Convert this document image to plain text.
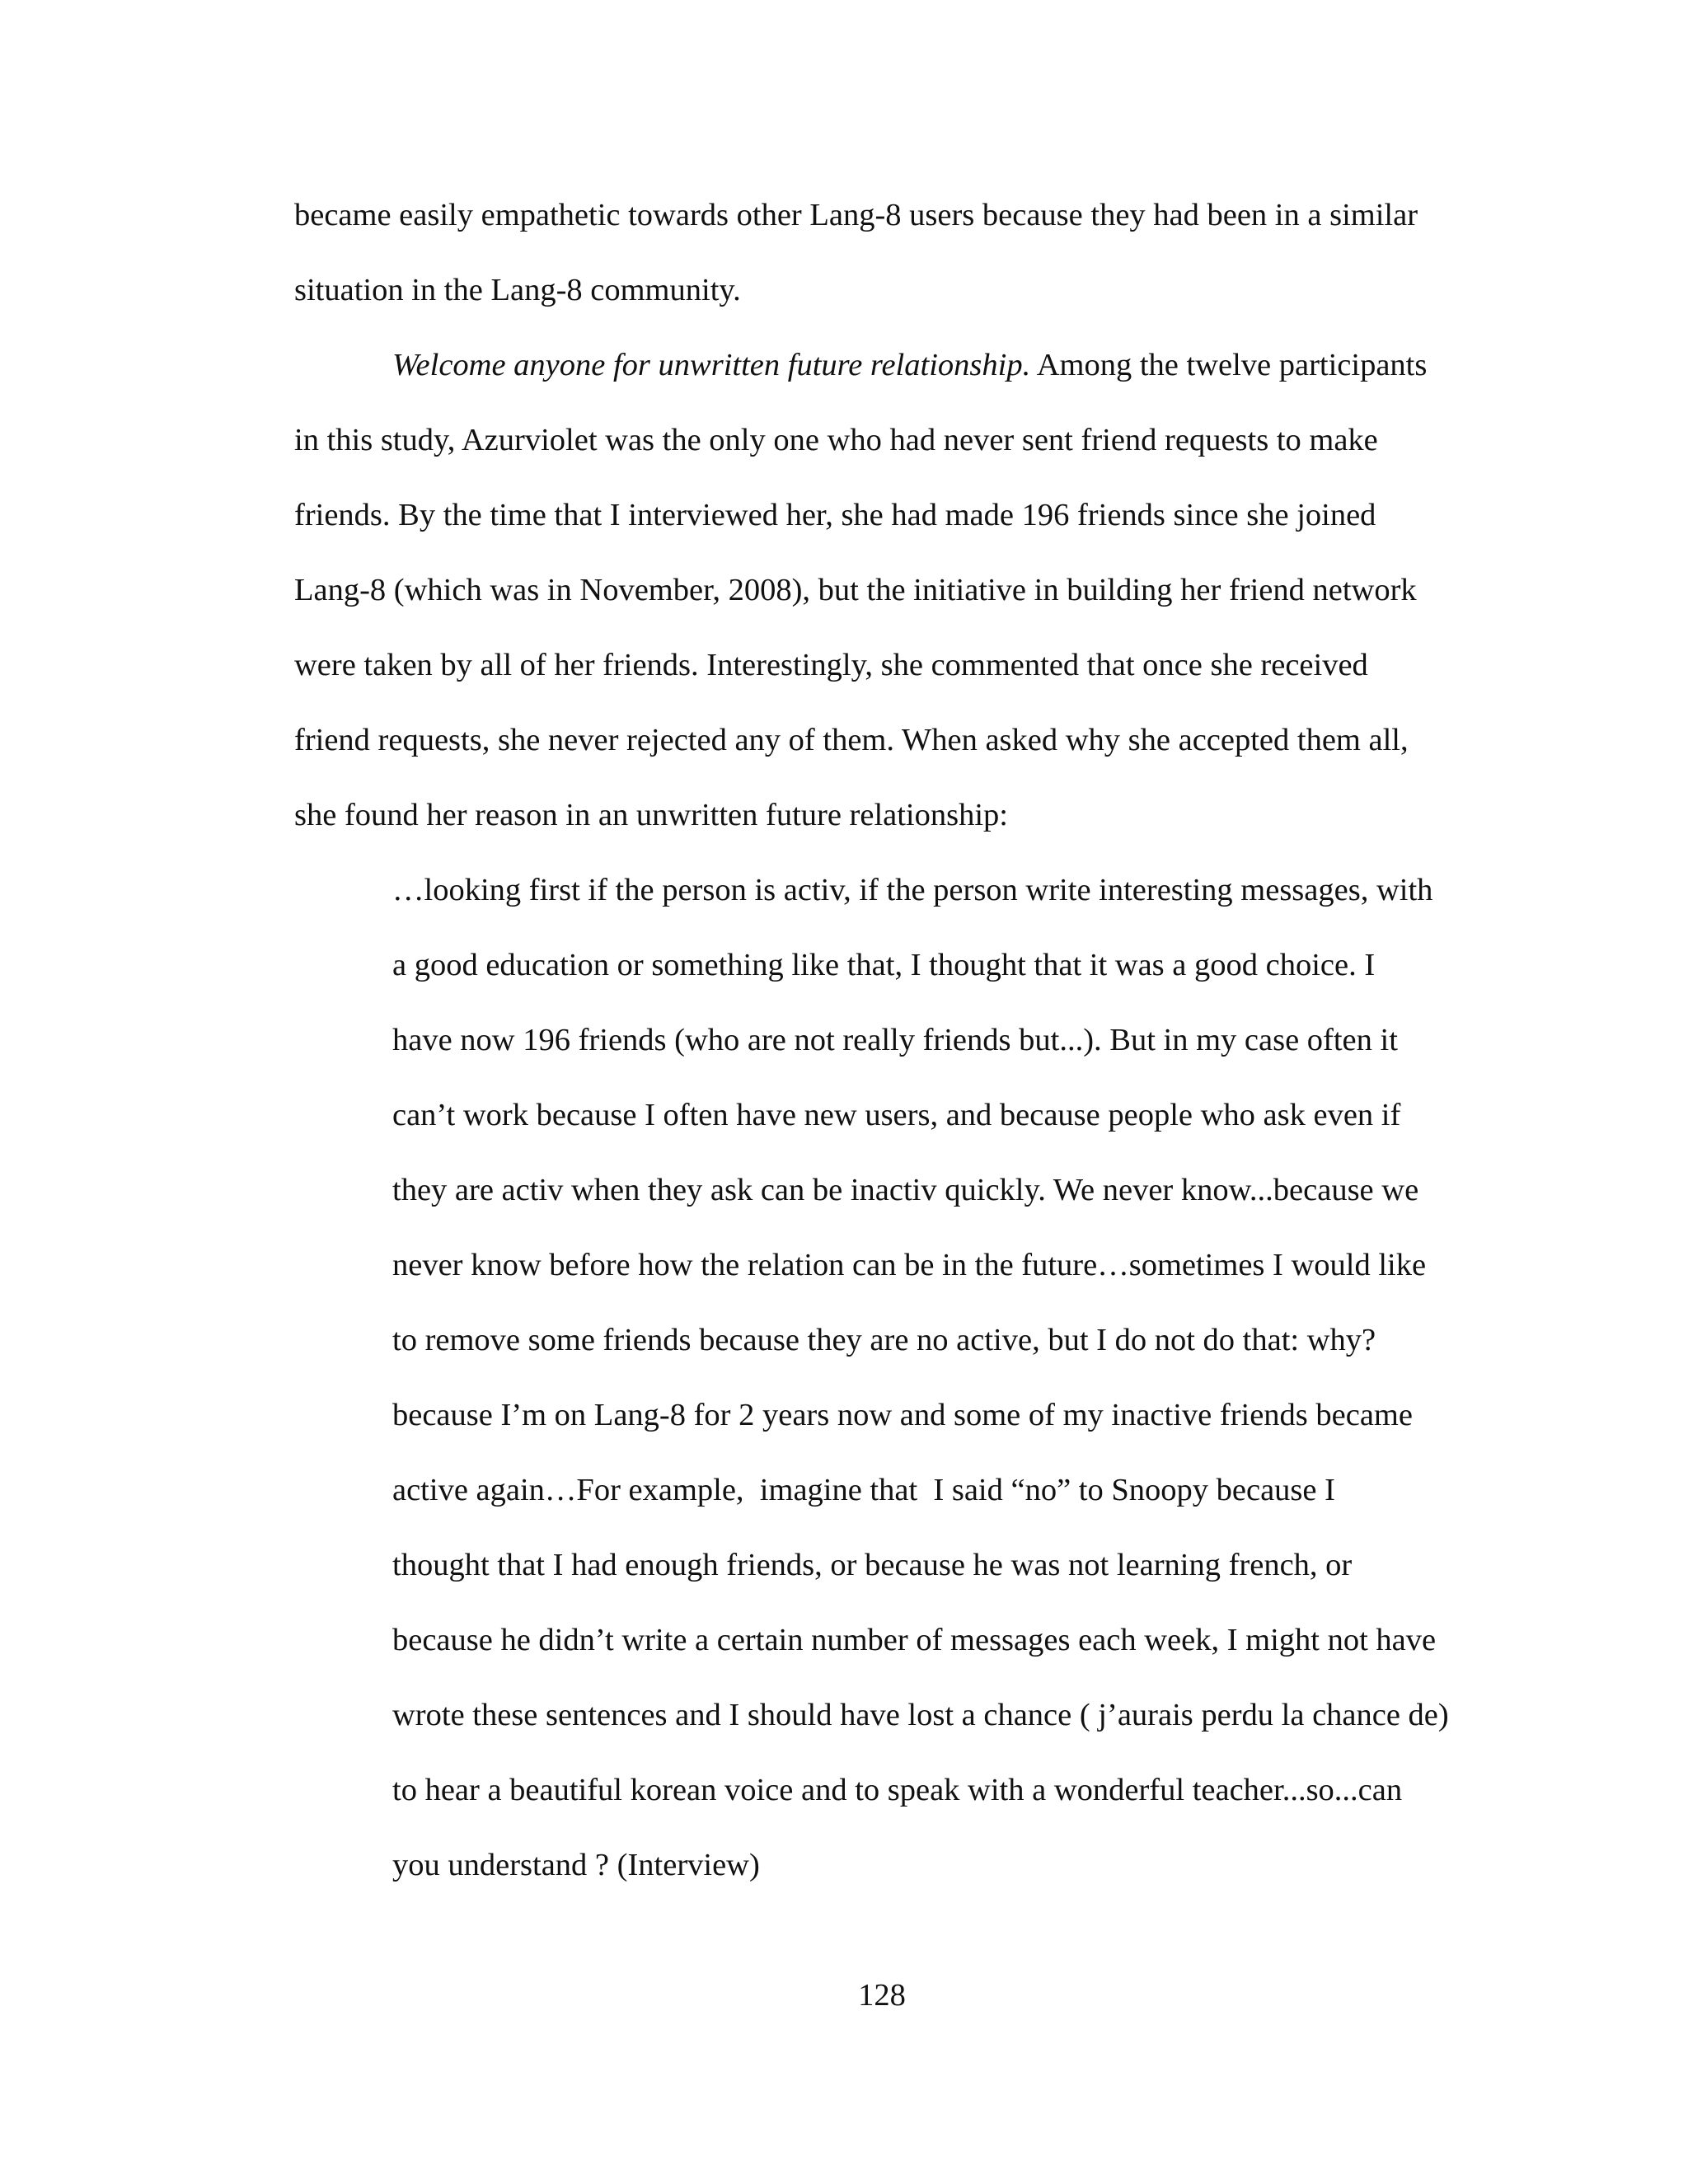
became easily empathetic towards other Lang-8 users because they had been in a similar

situation in the Lang-8 community.

Welcome anyone for unwritten future relationship. Among the twelve participants

in this study, Azurviolet was the only one who had never sent friend requests to make

friends. By the time that I interviewed her, she had made 196 friends since she joined

Lang-8 (which was in November, 2008), but the initiative in building her friend network

were taken by all of her friends. Interestingly, she commented that once she received

friend requests, she never rejected any of them. When asked why she accepted them all,

she found her reason in an unwritten future relationship:

…looking first if the person is activ, if the person write interesting messages, with

a good education or something like that, I thought that it was a good choice. I

have now 196 friends (who are not really friends but...). But in my case often it

can’t work because I often have new users, and because people who ask even if

they are activ when they ask can be inactiv quickly. We never know...because we

never know before how the relation can be in the future…sometimes I would like

to remove some friends because they are no active, but I do not do that: why?

because I’m on Lang-8 for 2 years now and some of my inactive friends became

active again…For example,  imagine that  I said “no” to Snoopy because I

thought that I had enough friends, or because he was not learning french, or

because he didn’t write a certain number of messages each week, I might not have

wrote these sentences and I should have lost a chance ( j’aurais perdu la chance de)

to hear a beautiful korean voice and to speak with a wonderful teacher...so...can

you understand ? (Interview)

128
